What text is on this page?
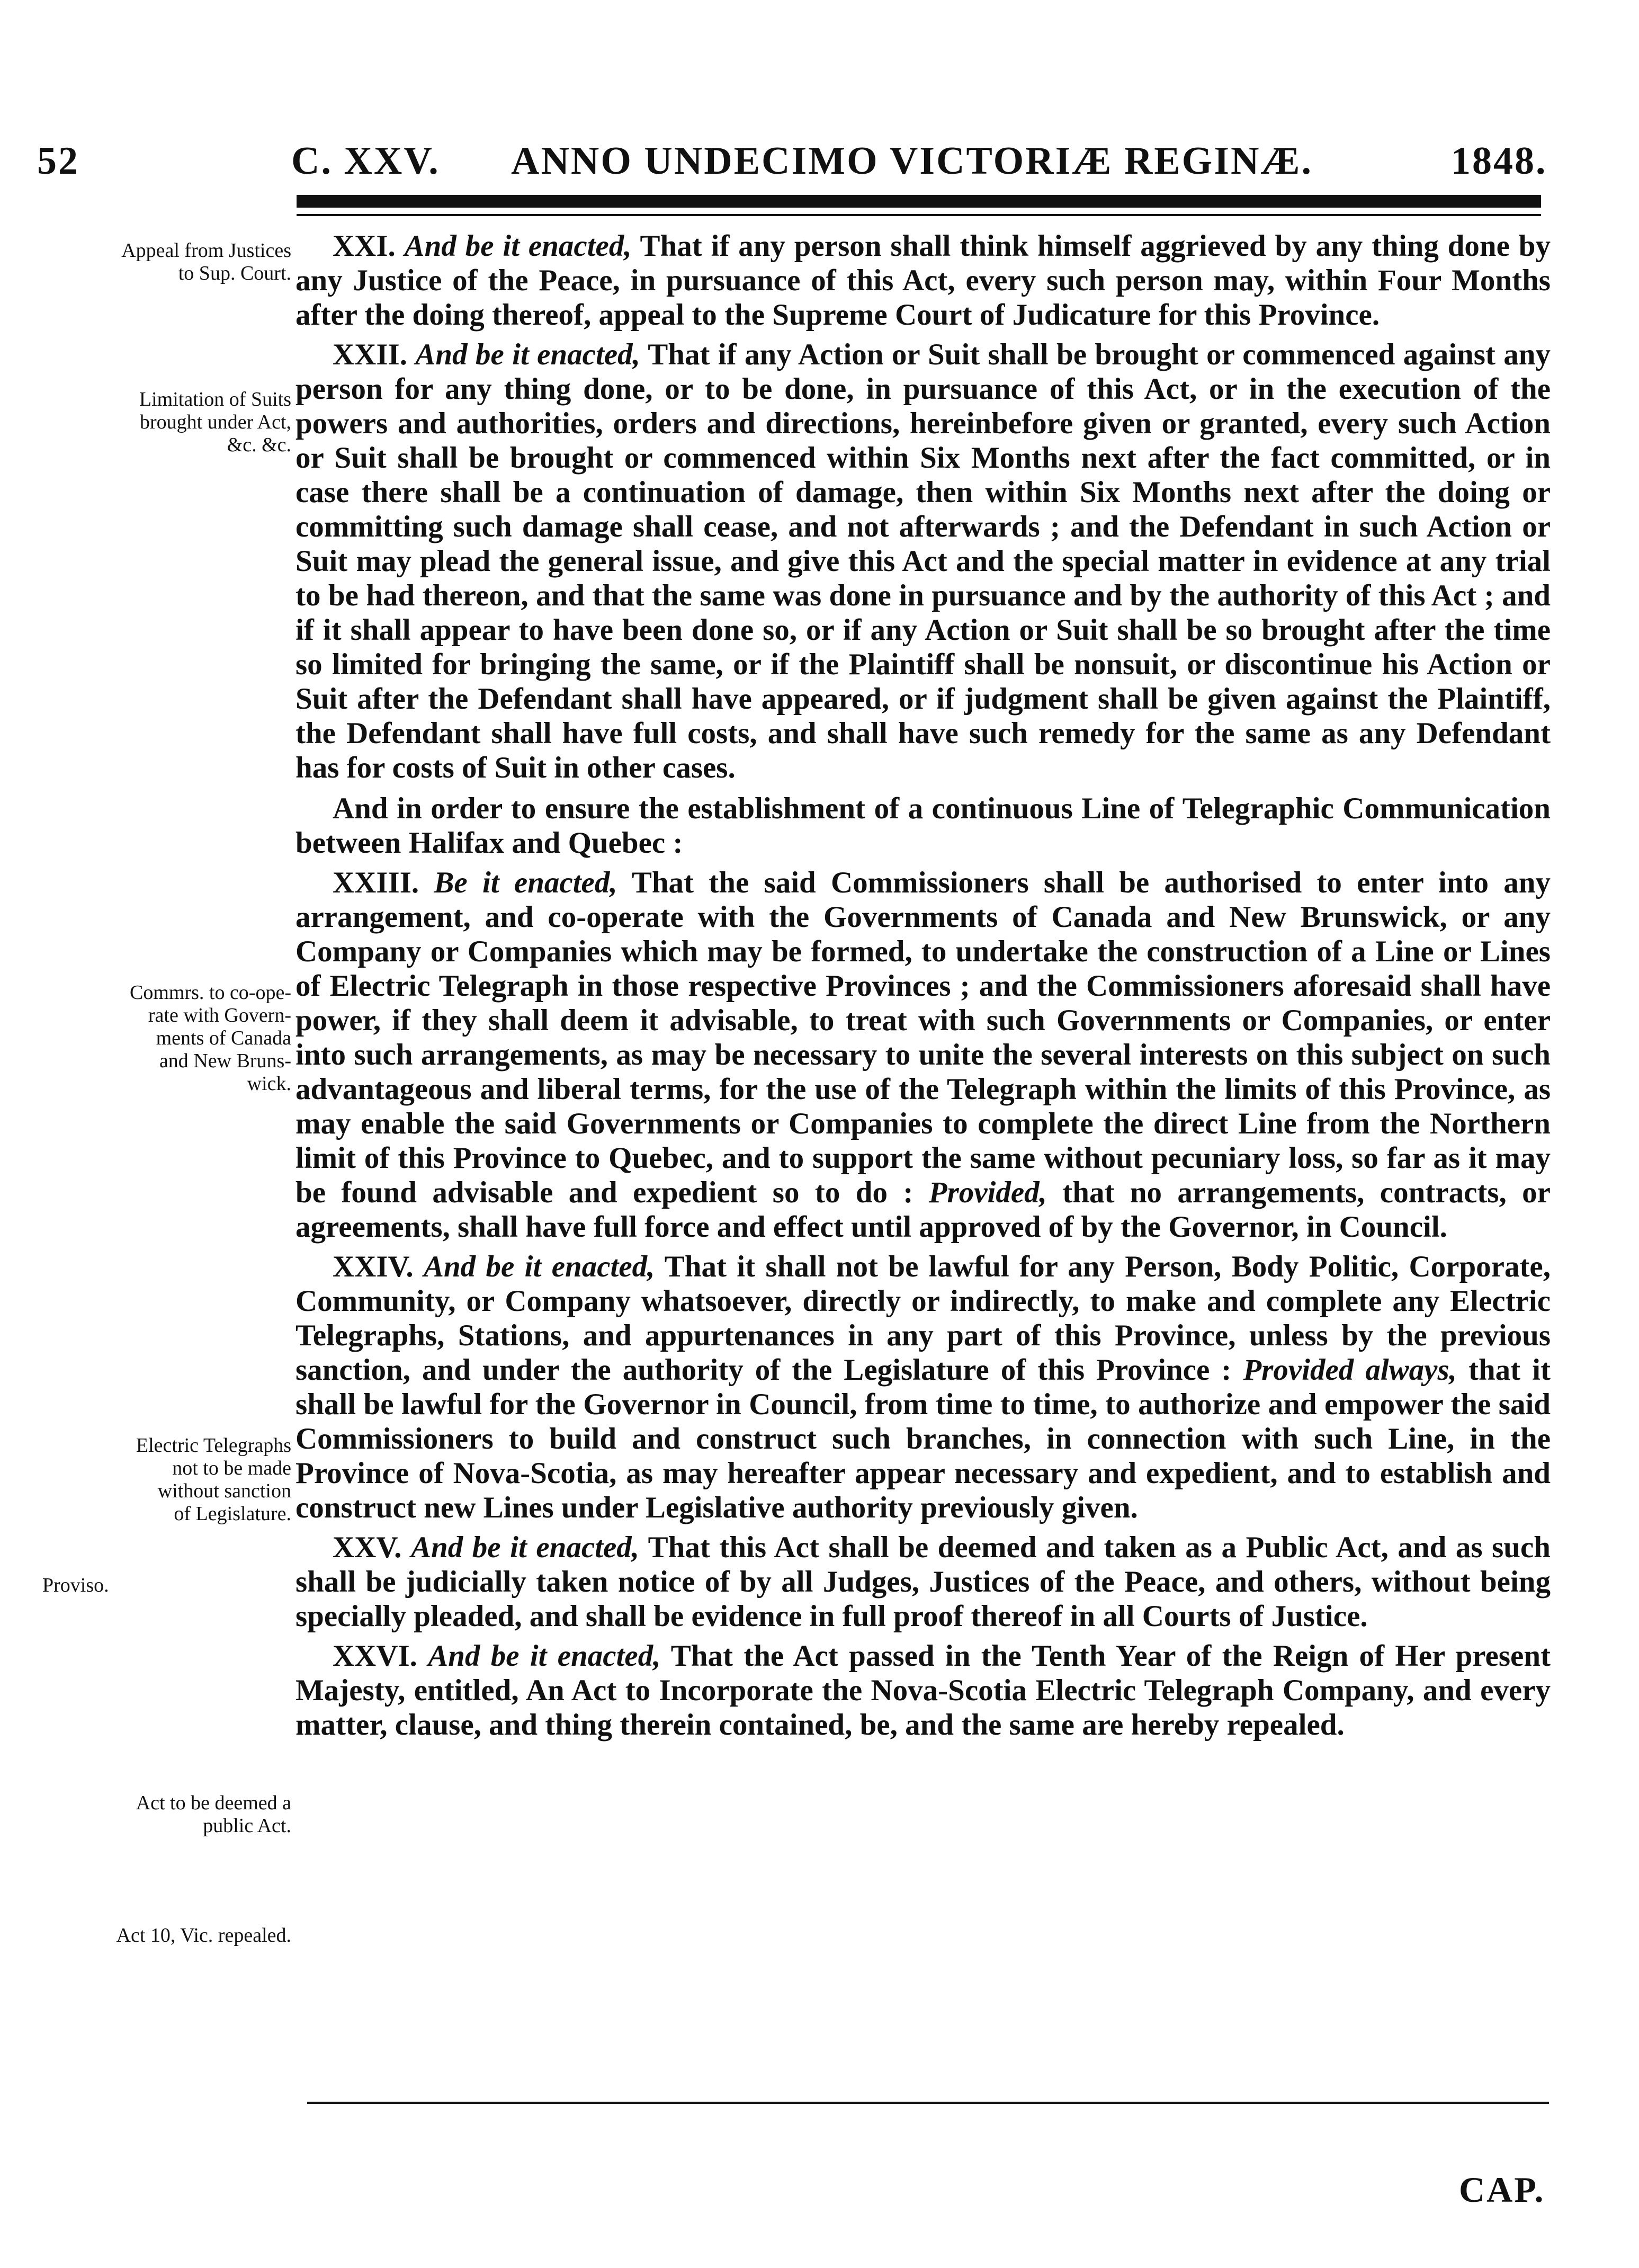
52	C. XXV. ANNO UNDECIMO VICTORIÆ REGINÆ.	1848.
Appeal from Justices
to Sup. Court.
Limitation of Suits
brought under Act,
&c. &c.
Commrs. to co-ope-
rate with Govern-
ments of Canada
and New Bruns-
wick.
Electric Telegraphs
not to be made
without sanction
of Legislature.
Proviso.
Act to be deemed a
public Act.
Act 10, Vic. repealed.

XXI. And be it enacted, That if any person shall think himself aggrieved by any thing done by any Justice of the Peace, in pursuance of this Act, every such person may, within Four Months after the doing thereof, appeal to the Supreme Court of Judicature for this Province.

XXII. And be it enacted, That if any Action or Suit shall be brought or commenced against any person for any thing done, or to be done, in pursuance of this Act, or in the execution of the powers and authorities, orders and directions, hereinbefore given or granted, every such Action or Suit shall be brought or commenced within Six Months next after the fact committed, or in case there shall be a continuation of damage, then within Six Months next after the doing or committing such damage shall cease, and not afterwards ; and the Defendant in such Action or Suit may plead the general issue, and give this Act and the special matter in evidence at any trial to be had thereon, and that the same was done in pursuance and by the authority of this Act ; and if it shall appear to have been done so, or if any Action or Suit shall be so brought after the time so limited for bringing the same, or if the Plaintiff shall be nonsuit, or discontinue his Action or Suit after the Defendant shall have appeared, or if judgment shall be given against the Plaintiff, the Defendant shall have full costs, and shall have such remedy for the same as any Defendant has for costs of Suit in other cases.

And in order to ensure the establishment of a continuous Line of Telegraphic Communication between Halifax and Quebec :

XXIII. Be it enacted, That the said Commissioners shall be authorised to enter into any arrangement, and co-operate with the Governments of Canada and New Brunswick, or any Company or Companies which may be formed, to undertake the construction of a Line or Lines of Electric Telegraph in those respective Provinces ; and the Commissioners aforesaid shall have power, if they shall deem it advisable, to treat with such Governments or Companies, or enter into such arrangements, as may be necessary to unite the several interests on this subject on such advantageous and liberal terms, for the use of the Telegraph within the limits of this Province, as may enable the said Governments or Companies to complete the direct Line from the Northern limit of this Province to Quebec, and to support the same without pecuniary loss, so far as it may be found advisable and expedient so to do : Provided, that no arrangements, contracts, or agreements, shall have full force and effect until approved of by the Governor, in Council.

XXIV. And be it enacted, That it shall not be lawful for any Person, Body Politic, Corporate, Community, or Company whatsoever, directly or indirectly, to make and complete any Electric Telegraphs, Stations, and appurtenances in any part of this Province, unless by the previous sanction, and under the authority of the Legislature of this Province : Provided always, that it shall be lawful for the Governor in Council, from time to time, to authorize and empower the said Commissioners to build and construct such branches, in connection with such Line, in the Province of Nova-Scotia, as may hereafter appear necessary and expedient, and to establish and construct new Lines under Legislative authority previously given.

XXV. And be it enacted, That this Act shall be deemed and taken as a Public Act, and as such shall be judicially taken notice of by all Judges, Justices of the Peace, and others, without being specially pleaded, and shall be evidence in full proof thereof in all Courts of Justice.

XXVI. And be it enacted, That the Act passed in the Tenth Year of the Reign of Her present Majesty, entitled, An Act to Incorporate the Nova-Scotia Electric Telegraph Company, and every matter, clause, and thing therein contained, be, and the same are hereby repealed.

CAP.
